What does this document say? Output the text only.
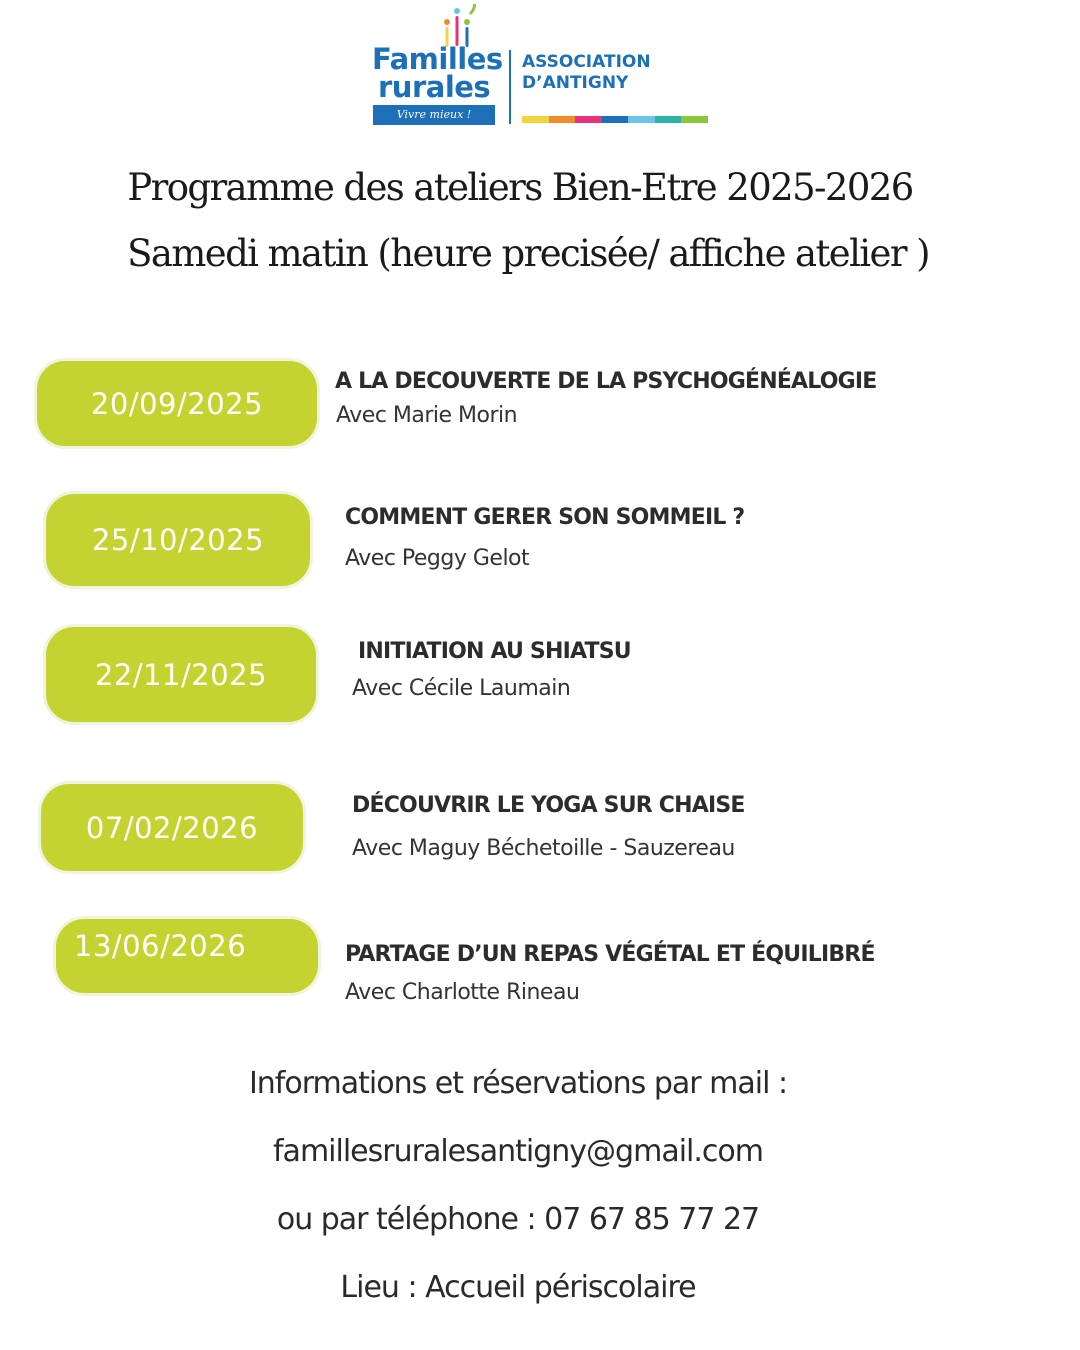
Familles
rurales
Vivre mieux !
ASSOCIATION
D’ANTIGNY
Programme des ateliers Bien-Etre 2025-2026
Samedi matin (heure precisée/ affiche atelier )
20/09/2025
A LA DECOUVERTE DE LA PSYCHOGÉNÉALOGIE
Avec Marie Morin
25/10/2025
COMMENT GERER SON SOMMEIL ?
Avec Peggy Gelot
22/11/2025
INITIATION AU SHIATSU
Avec Cécile Laumain
07/02/2026
DÉCOUVRIR LE YOGA SUR CHAISE
Avec Maguy Béchetoille - Sauzereau
13/06/2026	PARTAGE D’UN REPAS VÉGÉTAL ET ÉQUILIBRÉ
Avec Charlotte Rineau
Informations et réservations par mail :
famillesruralesantigny@gmail.com
ou par téléphone : 07 67 85 77 27
Lieu : Accueil périscolaire
